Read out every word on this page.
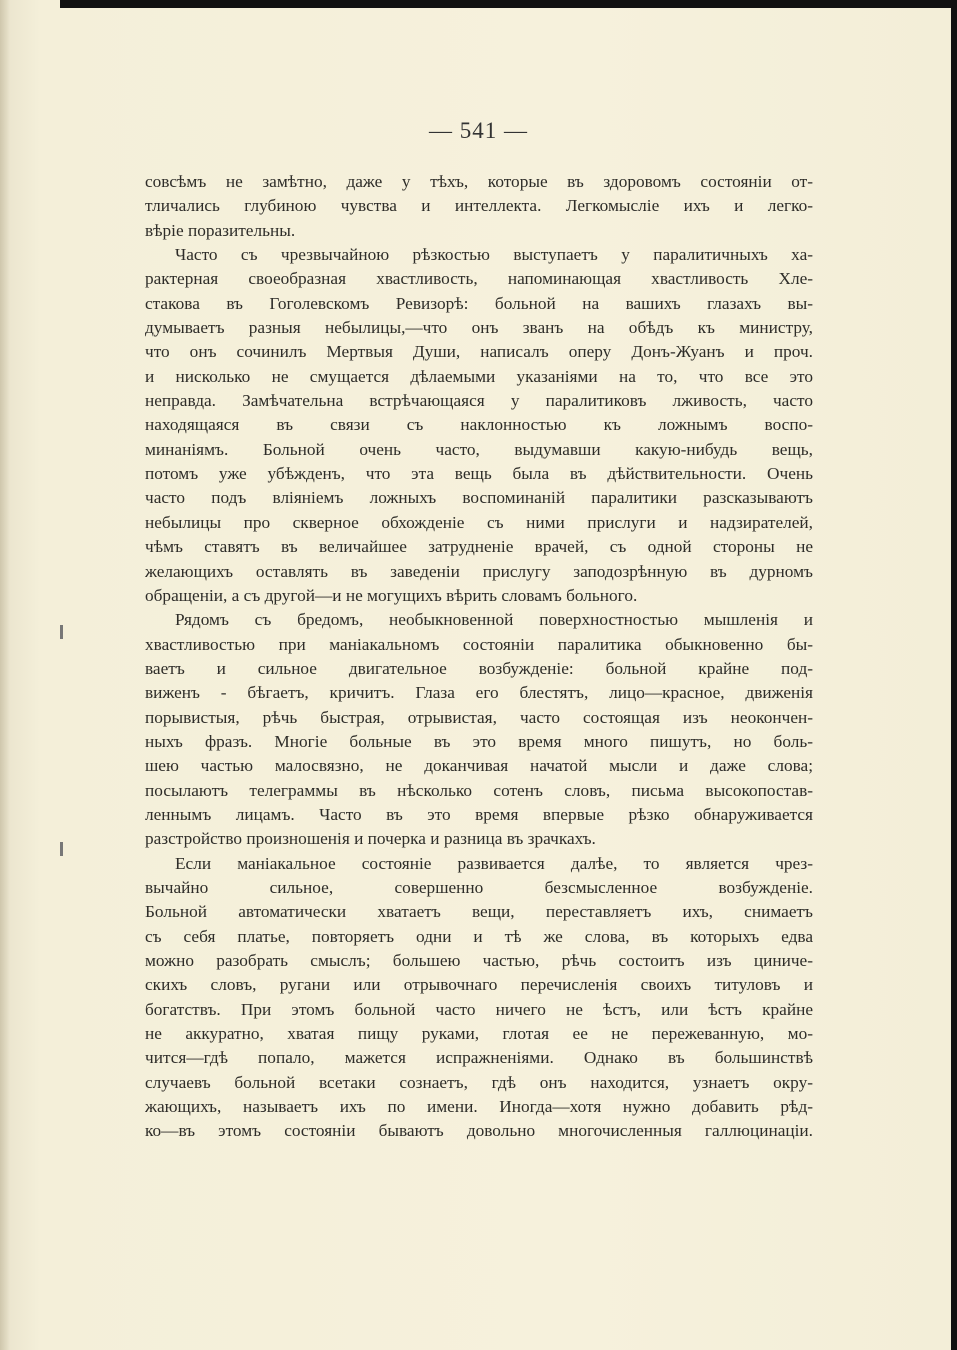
— 541 —
совсѣмъ не замѣтно, даже у тѣхъ, которые въ здоровомъ состояніи от-
тличались глубиною чувства и интеллекта. Легкомысліе ихъ и легко-
вѣріе поразительны.
Часто съ чрезвычайною рѣзкостью выступаетъ у паралитичныхъ ха-
рактерная своеобразная хвастливость, напоминающая хвастливость Хле-
стакова въ Гоголевскомъ Ревизорѣ: больной на вашихъ глазахъ вы-
думываетъ разныя небылицы,—что онъ званъ на обѣдъ къ министру,
что онъ сочинилъ Мертвыя Души, написалъ оперу Донъ-Жуанъ и проч.
и нисколько не смущается дѣлаемыми указаніями на то, что все это
неправда. Замѣчательна встрѣчающаяся у паралитиковъ лживость, часто
находящаяся въ связи съ наклонностью къ ложнымъ воспо-
минаніямъ. Больной очень часто, выдумавши какую-нибудь вещь,
потомъ уже убѣжденъ, что эта вещь была въ дѣйствительности. Очень
часто подъ вліяніемъ ложныхъ воспоминаній паралитики разсказываютъ
небылицы про скверное обхожденіе съ ними прислуги и надзирателей,
чѣмъ ставятъ въ величайшее затрудненіе врачей, съ одной стороны не
желающихъ оставлять въ заведеніи прислугу заподозрѣнную въ дурномъ
обращеніи, а съ другой—и не могущихъ вѣрить словамъ больного.
Рядомъ съ бредомъ, необыкновенной поверхностностью мышленія и
хвастливостью при маніакальномъ состояніи паралитика обыкновенно бы-
ваетъ и сильное двигательное возбужденіе: больной крайне под-
виженъ - бѣгаетъ, кричитъ. Глаза его блестятъ, лицо—красное, движенія
порывистыя, рѣчь быстрая, отрывистая, часто состоящая изъ неокончен-
ныхъ фразъ. Многіе больные въ это время много пишутъ, но боль-
шею частью малосвязно, не доканчивая начатой мысли и даже слова;
посылаютъ телеграммы въ нѣсколько сотенъ словъ, письма высокопостав-
леннымъ лицамъ. Часто въ это время впервые рѣзко обнаруживается
разстройство произношенія и почерка и разница въ зрачкахъ.
Если маніакальное состояніе развивается далѣе, то является чрез-
вычайно сильное, совершенно безсмысленное возбужденіе.
Больной автоматически хватаетъ вещи, переставляетъ ихъ, снимаетъ
съ себя платье, повторяетъ одни и тѣ же слова, въ которыхъ едва
можно разобрать смыслъ; большею частью, рѣчь состоитъ изъ циниче-
скихъ словъ, ругани или отрывочнаго перечисленія своихъ титуловъ и
богатствъ. При этомъ больной часто ничего не ѣстъ, или ѣстъ крайне
не аккуратно, хватая пищу руками, глотая ее не пережеванную, мо-
чится—гдѣ попало, мажется испражненіями. Однако въ большинствѣ
случаевъ больной всетаки сознаетъ, гдѣ онъ находится, узнаетъ окру-
жающихъ, называетъ ихъ по имени. Иногда—хотя нужно добавить рѣд-
ко—въ этомъ состояніи бываютъ довольно многочисленныя галлюцинаціи.
